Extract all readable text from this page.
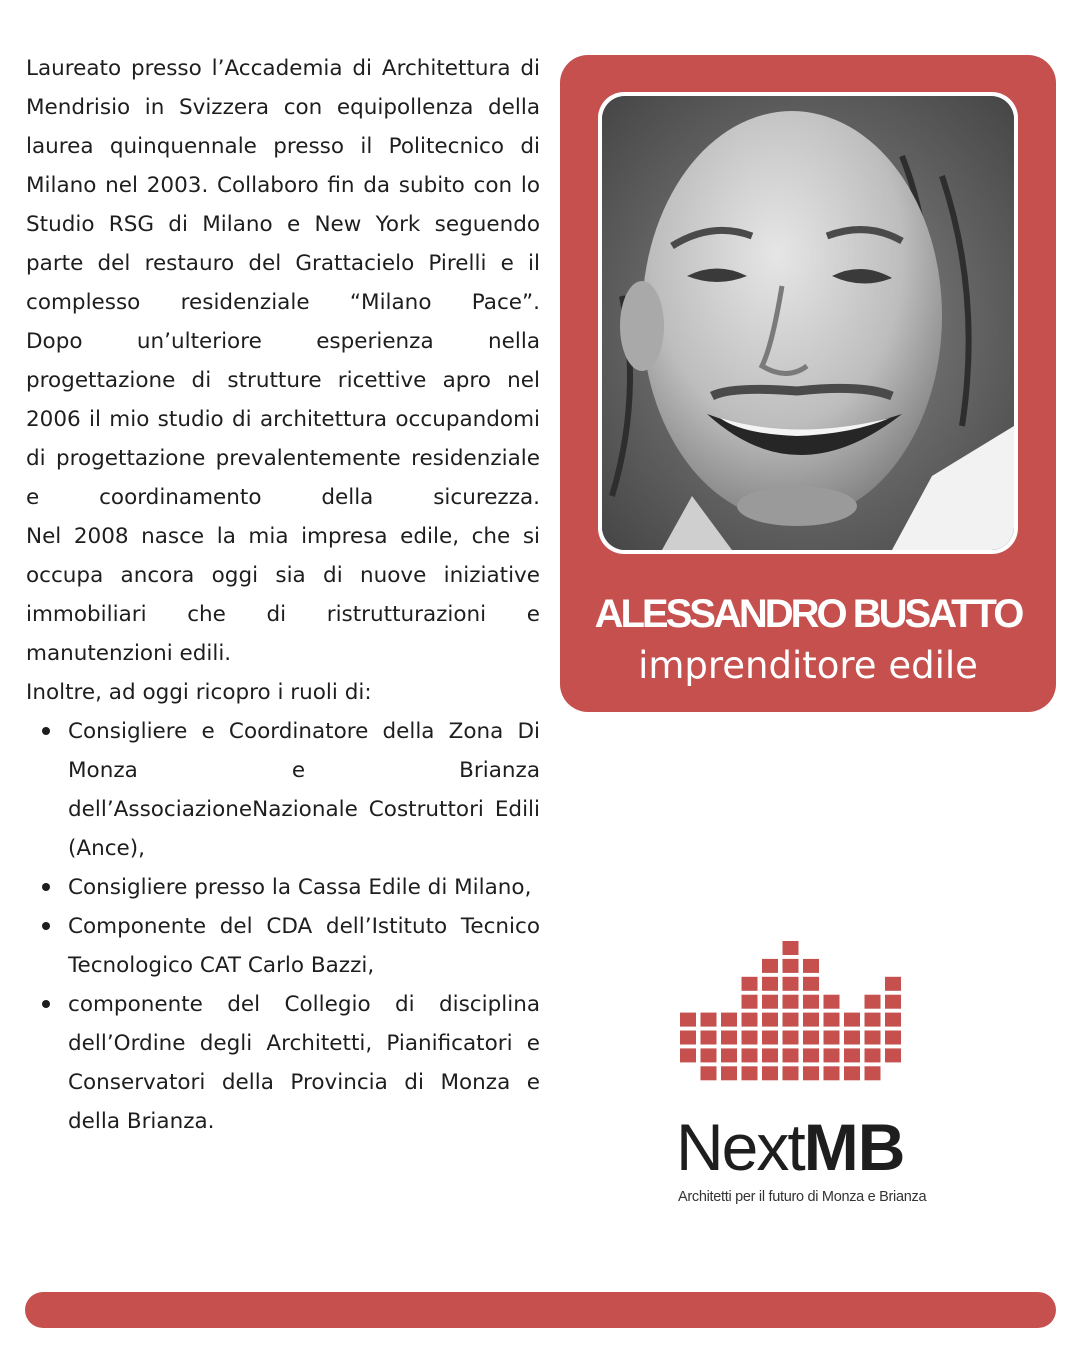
Laureato presso l’Accademia di Architettura di Mendrisio in Svizzera con equipollenza della laurea quinquennale presso il Politecnico di Milano nel 2003. Collaboro fin da subito con lo Studio RSG di Milano e New York seguendo parte del restauro del Grattacielo Pirelli e il complesso residenziale “Milano Pace”.

Dopo un’ulteriore esperienza nella progettazione di strutture ricettive apro nel 2006 il mio studio di architettura occupandomi di progettazione prevalentemente residenziale e coordinamento della sicurezza.

Nel 2008 nasce la mia impresa edile, che si occupa ancora oggi sia di nuove iniziative immobiliari che di ristrutturazioni e manutenzioni edili.

Inoltre, ad oggi ricopro i ruoli di:

Consigliere e Coordinatore della Zona Di Monza e Brianza dell’AssociazioneNazionale Costruttori Edili (Ance),
Consigliere presso la Cassa Edile di Milano,
Componente del CDA dell’Istituto Tecnico Tecnologico CAT Carlo Bazzi,
componente del Collegio di disciplina dell’Ordine degli Architetti, Pianificatori e Conservatori della Provincia di Monza e della Brianza.
ALESSANDRO BUSATTO
imprenditore edile
NextMB
Architetti per il futuro di Monza e Brianza
